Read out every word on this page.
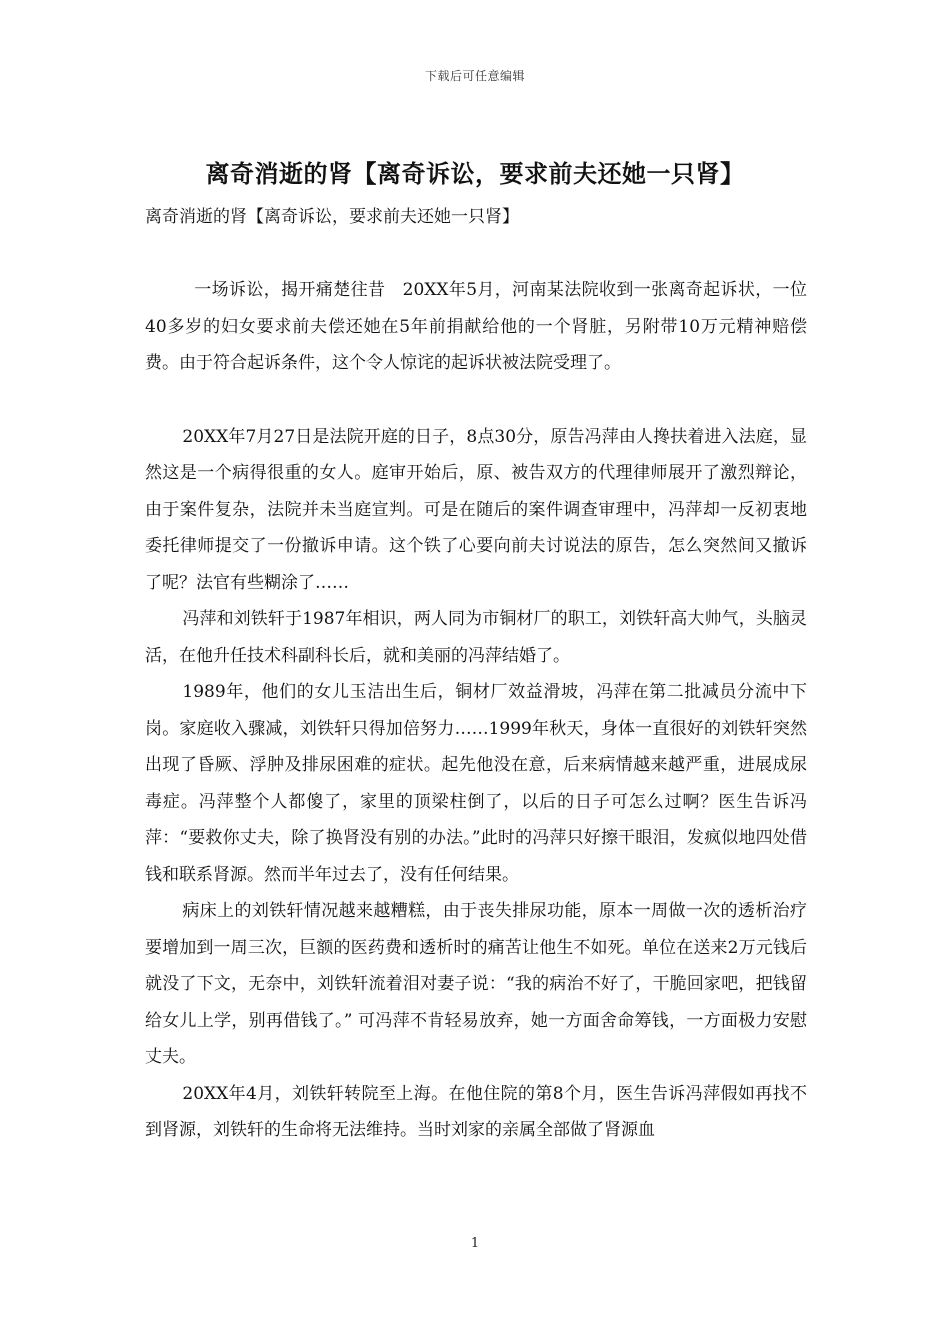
下载后可任意编辑
离奇消逝的肾【离奇诉讼，要求前夫还她一只肾】
离奇消逝的肾【离奇诉讼，要求前夫还她一只肾】

一场诉讼，揭开痛楚往昔　20XX年5月，河南某法院收到一张离奇起诉状，一位40多岁的妇女要求前夫偿还她在5年前捐献给他的一个肾脏，另附带10万元精神赔偿费。由于符合起诉条件，这个令人惊诧的起诉状被法院受理了。

20XX年7月27日是法院开庭的日子，8点30分，原告冯萍由人搀扶着进入法庭，显然这是一个病得很重的女人。庭审开始后，原、被告双方的代理律师展开了激烈辩论，由于案件复杂，法院并未当庭宣判。可是在随后的案件调查审理中，冯萍却一反初衷地委托律师提交了一份撤诉申请。这个铁了心要向前夫讨说法的原告，怎么突然间又撤诉了呢？法官有些糊涂了……

冯萍和刘铁轩于1987年相识，两人同为市铜材厂的职工，刘铁轩高大帅气，头脑灵活，在他升任技术科副科长后，就和美丽的冯萍结婚了。

1989年，他们的女儿玉洁出生后，铜材厂效益滑坡，冯萍在第二批减员分流中下岗。家庭收入骤减，刘铁轩只得加倍努力……1999年秋天，身体一直很好的刘铁轩突然出现了昏厥、浮肿及排尿困难的症状。起先他没在意，后来病情越来越严重，进展成尿毒症。冯萍整个人都傻了，家里的顶梁柱倒了，以后的日子可怎么过啊？医生告诉冯萍：“要救你丈夫，除了换肾没有别的办法。”此时的冯萍只好擦干眼泪，发疯似地四处借钱和联系肾源。然而半年过去了，没有任何结果。

病床上的刘铁轩情况越来越糟糕，由于丧失排尿功能，原本一周做一次的透析治疗要增加到一周三次，巨额的医药费和透析时的痛苦让他生不如死。单位在送来2万元钱后就没了下文，无奈中，刘铁轩流着泪对妻子说：“我的病治不好了，干脆回家吧，把钱留给女儿上学，别再借钱了。” 可冯萍不肯轻易放弃，她一方面舍命筹钱，一方面极力安慰丈夫。

20XX年4月，刘铁轩转院至上海。在他住院的第8个月，医生告诉冯萍假如再找不到肾源，刘铁轩的生命将无法维持。当时刘家的亲属全部做了肾源血

1
